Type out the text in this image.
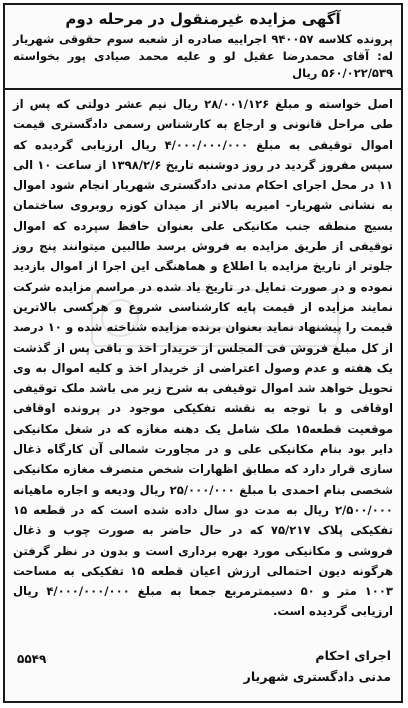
آگهی مزایده غیرمنقول در مرحله دوم
پرونده کلاسه ۹۴۰۰۵۷ اجراییه صادره از شعبه سوم حقوقی شهریار له: آقای محمدرضا عقیل لو و علیه محمد صیادی پور بخواسته ۵۶۰/۰۲۲/۵۳۹ ریال
اصل خواسته و مبلغ ۲۸/۰۰۱/۱۲۶ ریال نیم عشر دولتی که پس از طی مراحل قانونی و ارجاع به کارشناس رسمی دادگستری قیمت اموال توقیفی به مبلغ ۴/۰۰۰/۰۰۰/۰۰۰ ریال ارزیابی گردیده که سپس مفروز گردید در روز دوشنبه تاریخ ۱۳۹۸/۲/۶ از ساعت ۱۰ الی ۱۱ در محل اجرای احکام مدنی دادگستری شهریار انجام شود اموال به نشانی شهریار- امیریه بالاتر از میدان کوزه روبروی ساختمان بسیج منطقه جنب مکانیکی علی بعنوان حافظ سپرده که اموال توقیفی از طریق مزایده به فروش برسد طالبین میتوانند پنج روز جلوتر از تاریخ مزایده با اطلاع و هماهنگی این اجرا از اموال بازدید نموده و در صورت تمایل در تاریخ یاد شده در مراسم مزایده شرکت نمایند مزایده از قیمت پایه کارشناسی شروع و هرکسی بالاترین قیمت را پیشنهاد نماید بعنوان برنده مزایده شناخته شده و ۱۰ درصد از کل مبلغ فروش فی المجلس از خریدار اخذ و باقی پس از گذشت یک هفته و عدم وصول اعتراضی از خریدار اخذ و کلیه اموال به وی تحویل خواهد شد اموال توقیفی به شرح زیر می باشد ملک توقیفی اوقافی و با توجه به نقشه تفکیکی موجود در پرونده اوقافی موقعیت قطعه۱۵ ملک شامل یک دهنه مغازه که در شغل مکانیکی دایر بود بنام مکانیکی علی و در مجاورت شمالی آن کارگاه ذغال سازی قرار دارد که مطابق اظهارات شخص متصرف مغازه مکانیکی شخصی بنام احمدی با مبلغ ۲۵/۰۰۰/۰۰۰ ریال ودیعه و اجاره ماهیانه ۲/۵۰۰/۰۰۰ ریال به مدت دو سال داده شده است که در قطعه ۱۵ تفکیکی پلاک ۷۵/۲۱۷ که در حال حاضر به صورت چوب و ذغال فروشی و مکانیکی مورد بهره برداری است و بدون در نظر گرفتن هرگونه دیون احتمالی ارزش اعیان قطعه ۱۵ تفکیکی به مساحت ۱۰۰۳ متر و ۵۰ دسیمترمربع جمعا به مبلغ ۴/۰۰۰/۰۰۰/۰۰۰ ریال ارزیابی گردیده است.
اجرای احکام
مدنی دادگستری شهریار
۵۵۴۹
